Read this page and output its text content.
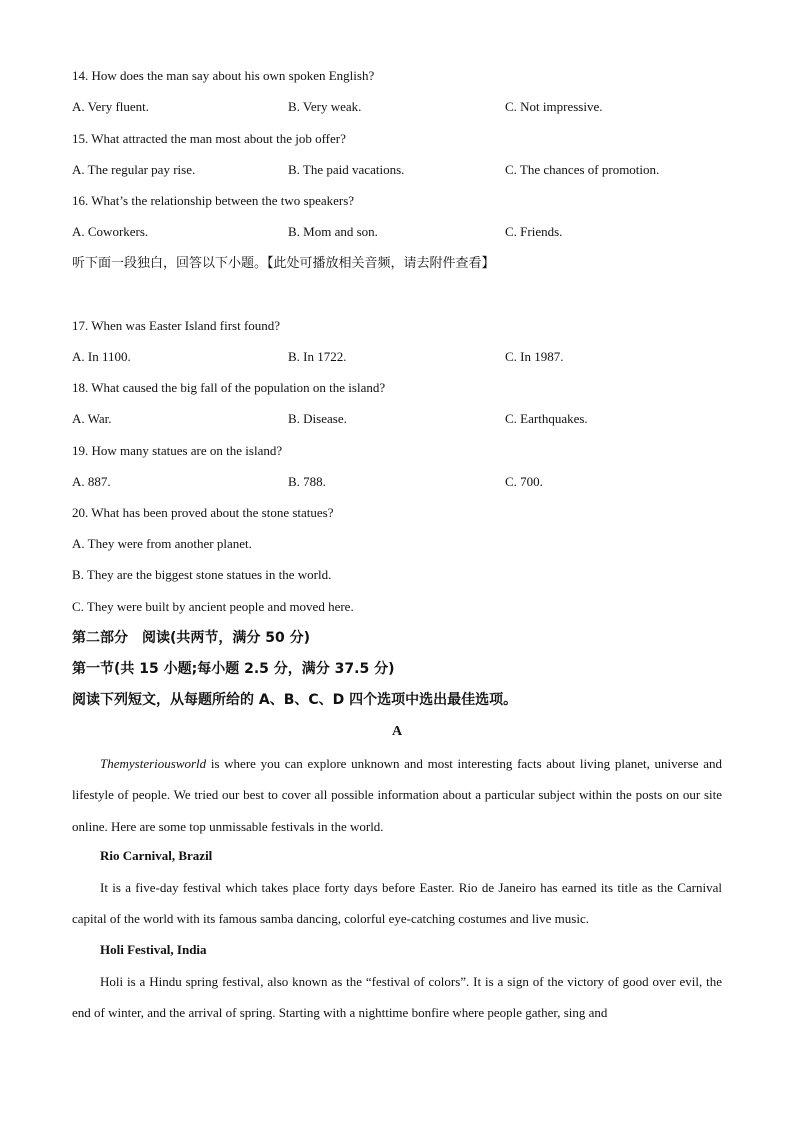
14. How does the man say about his own spoken English?
A. Very fluent.	B. Very weak.	C. Not impressive.
15. What attracted the man most about the job offer?
A. The regular pay rise.	B. The paid vacations.	C. The chances of promotion.
16. What’s the relationship between the two speakers?
A. Coworkers.	B. Mom and son.	C. Friends.
听下面一段独白，回答以下小题。【此处可播放相关音频，请去附件查看】
17. When was Easter Island first found?
A. In 1100.	B. In 1722.	C. In 1987.
18. What caused the big fall of the population on the island?
A. War.	B. Disease.	C. Earthquakes.
19. How many statues are on the island?
A. 887.	B. 788.	C. 700.
20. What has been proved about the stone statues?
A. They were from another planet.
B. They are the biggest stone statues in the world.
C. They were built by ancient people and moved here.
第二部分　阅读(共两节，满分 50 分)
第一节(共 15 小题;每小题 2.5 分，满分 37.5 分)
阅读下列短文，从每题所给的 A、B、C、D 四个选项中选出最佳选项。
A
Themysteriousworld is where you can explore unknown and most interesting facts about living planet, universe and lifestyle of people. We tried our best to cover all possible information about a particular subject within the posts on our site online. Here are some top unmissable festivals in the world.
Rio Carnival, Brazil
It is a five-day festival which takes place forty days before Easter. Rio de Janeiro has earned its title as the Carnival capital of the world with its famous samba dancing, colorful eye-catching costumes and live music.
Holi Festival, India
Holi is a Hindu spring festival, also known as the “festival of colors”. It is a sign of the victory of good over evil, the end of winter, and the arrival of spring. Starting with a nighttime bonfire where people gather, sing and
